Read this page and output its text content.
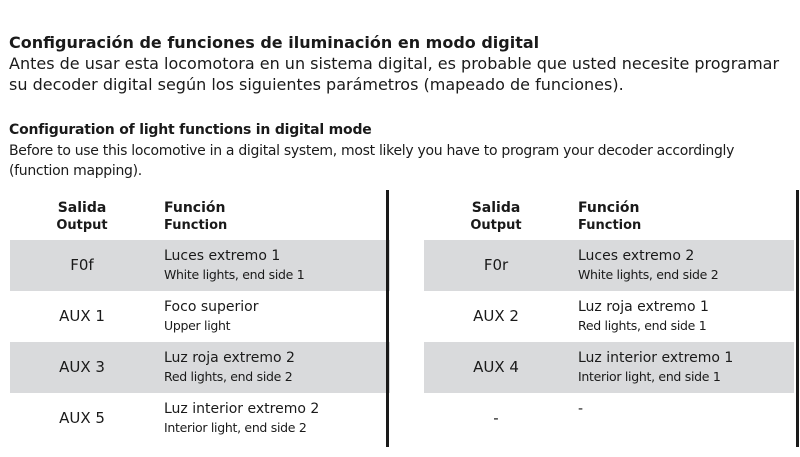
Configuración de funciones de iluminación en modo digital
Antes de usar esta locomotora en un sistema digital, es probable que usted necesite programar su decoder digital según los siguientes parámetros (mapeado de funciones).
Configuration of light functions in digital mode
Before to use this locomotive in a digital system, most likely you have to program your decoder accordingly (function mapping).
Salida
Output
Función
Function
F0f	Luces extremo 1
White lights, end side 1
AUX 1	Foco superior
Upper light
AUX 3	Luz roja extremo 2
Red lights, end side 2
AUX 5	Luz interior extremo 2
Interior light, end side 2
Salida
Output
Función
Function
F0r	Luces extremo 2
White lights, end side 2
AUX 2	Luz roja extremo 1
Red lights, end side 1
AUX 4	Luz interior extremo 1
Interior light, end side 1
-	-
